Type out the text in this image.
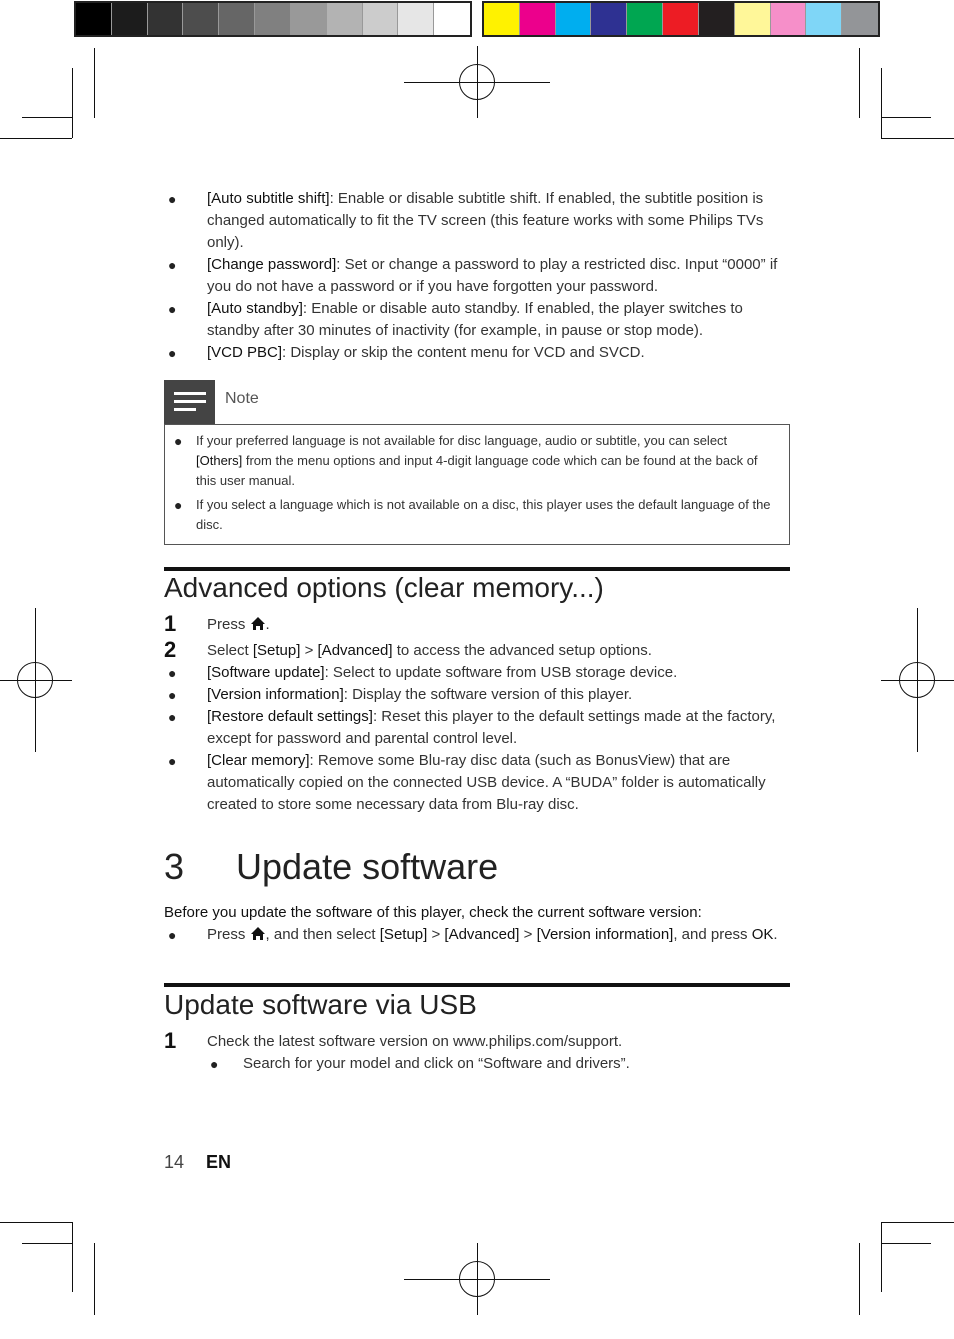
● [Auto subtitle shift]: Enable or disable subtitle shift. If enabled, the subtitle position is changed automatically to fit the TV screen (this feature works with some Philips TVs only).
● [Change password]: Set or change a password to play a restricted disc. Input “0000” if you do not have a password or if you have forgotten your password.
● [Auto standby]: Enable or disable auto standby. If enabled, the player switches to standby after 30 minutes of inactivity (for example, in pause or stop mode).
● [VCD PBC]: Display or skip the content menu for VCD and SVCD.
Note
● If your preferred language is not available for disc language, audio or subtitle, you can select [Others] from the menu options and input 4-digit language code which can be found at the back of this user manual.
● If you select a language which is not available on a disc, this player uses the default language of the disc.
Advanced options (clear memory...)
1 Press .
2 Select [Setup] > [Advanced] to access the advanced setup options.
● [Software update]: Select to update software from USB storage device.
● [Version information]: Display the software version of this player.
● [Restore default settings]: Reset this player to the default settings made at the factory, except for password and parental control level.
● [Clear memory]: Remove some Blu-ray disc data (such as BonusView) that are automatically copied on the connected USB device. A “BUDA” folder is automatically created to store some necessary data from Blu-ray disc.
3 Update software
Before you update the software of this player, check the current software version:
● Press , and then select [Setup] > [Advanced] > [Version information], and press OK.
Update software via USB
1 Check the latest software version on www.philips.com/support.
● Search for your model and click on “Software and drivers”.
14 EN
